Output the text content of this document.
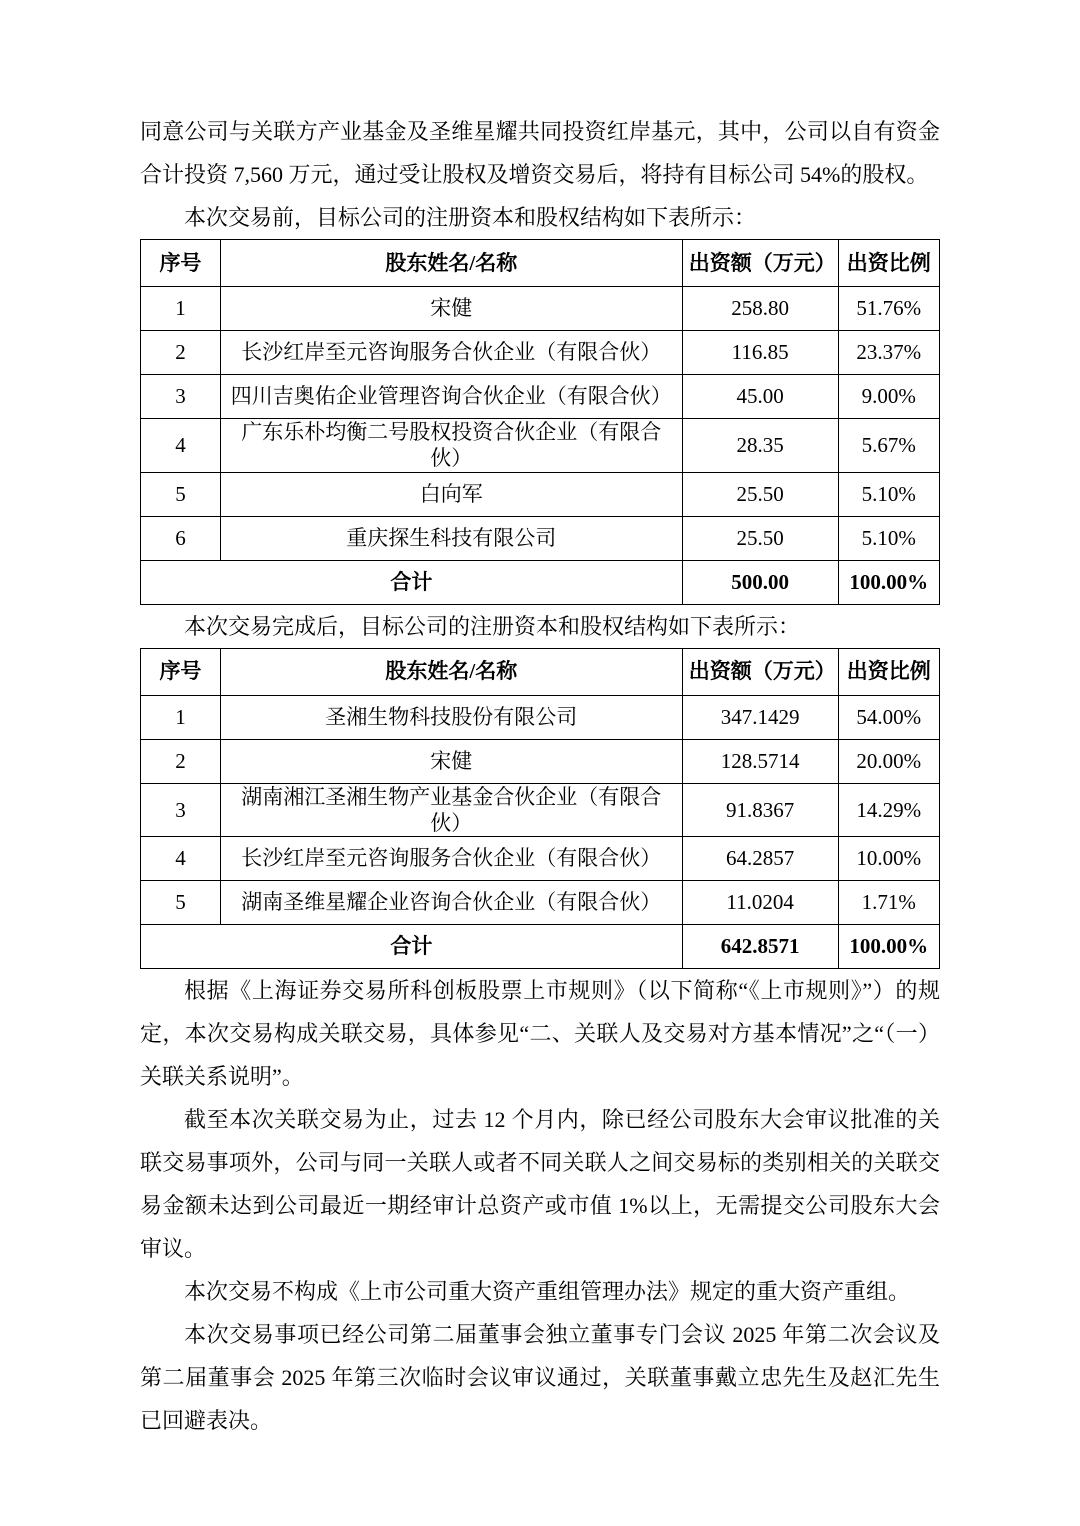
同意公司与关联方产业基金及圣维星耀共同投资红岸基元，其中，公司以自有资金合计投资 7,560 万元，通过受让股权及增资交易后，将持有目标公司 54%的股权。

本次交易前，目标公司的注册资本和股权结构如下表所示：

序号	股东姓名/名称	出资额（万元）	出资比例
1	宋健	258.80	51.76%
2	长沙红岸至元咨询服务合伙企业（有限合伙）	116.85	23.37%
3	四川吉奥佑企业管理咨询合伙企业（有限合伙）	45.00	9.00%
4	广东乐朴均衡二号股权投资合伙企业（有限合伙）	28.35	5.67%
5	白向军	25.50	5.10%
6	重庆探生科技有限公司	25.50	5.10%
合计		500.00	100.00%

本次交易完成后，目标公司的注册资本和股权结构如下表所示：

序号	股东姓名/名称	出资额（万元）	出资比例
1	圣湘生物科技股份有限公司	347.1429	54.00%
2	宋健	128.5714	20.00%
3	湖南湘江圣湘生物产业基金合伙企业（有限合伙）	91.8367	14.29%
4	长沙红岸至元咨询服务合伙企业（有限合伙）	64.2857	10.00%
5	湖南圣维星耀企业咨询合伙企业（有限合伙）	11.0204	1.71%
合计		642.8571	100.00%

根据《上海证券交易所科创板股票上市规则》（以下简称“《上市规则》”）的规定，本次交易构成关联交易，具体参见“二、关联人及交易对方基本情况”之“（一）关联关系说明”。

截至本次关联交易为止，过去 12 个月内，除已经公司股东大会审议批准的关联交易事项外，公司与同一关联人或者不同关联人之间交易标的类别相关的关联交易金额未达到公司最近一期经审计总资产或市值 1%以上，无需提交公司股东大会审议。

本次交易不构成《上市公司重大资产重组管理办法》规定的重大资产重组。

本次交易事项已经公司第二届董事会独立董事专门会议 2025 年第二次会议及第二届董事会 2025 年第三次临时会议审议通过，关联董事戴立忠先生及赵汇先生已回避表决。
